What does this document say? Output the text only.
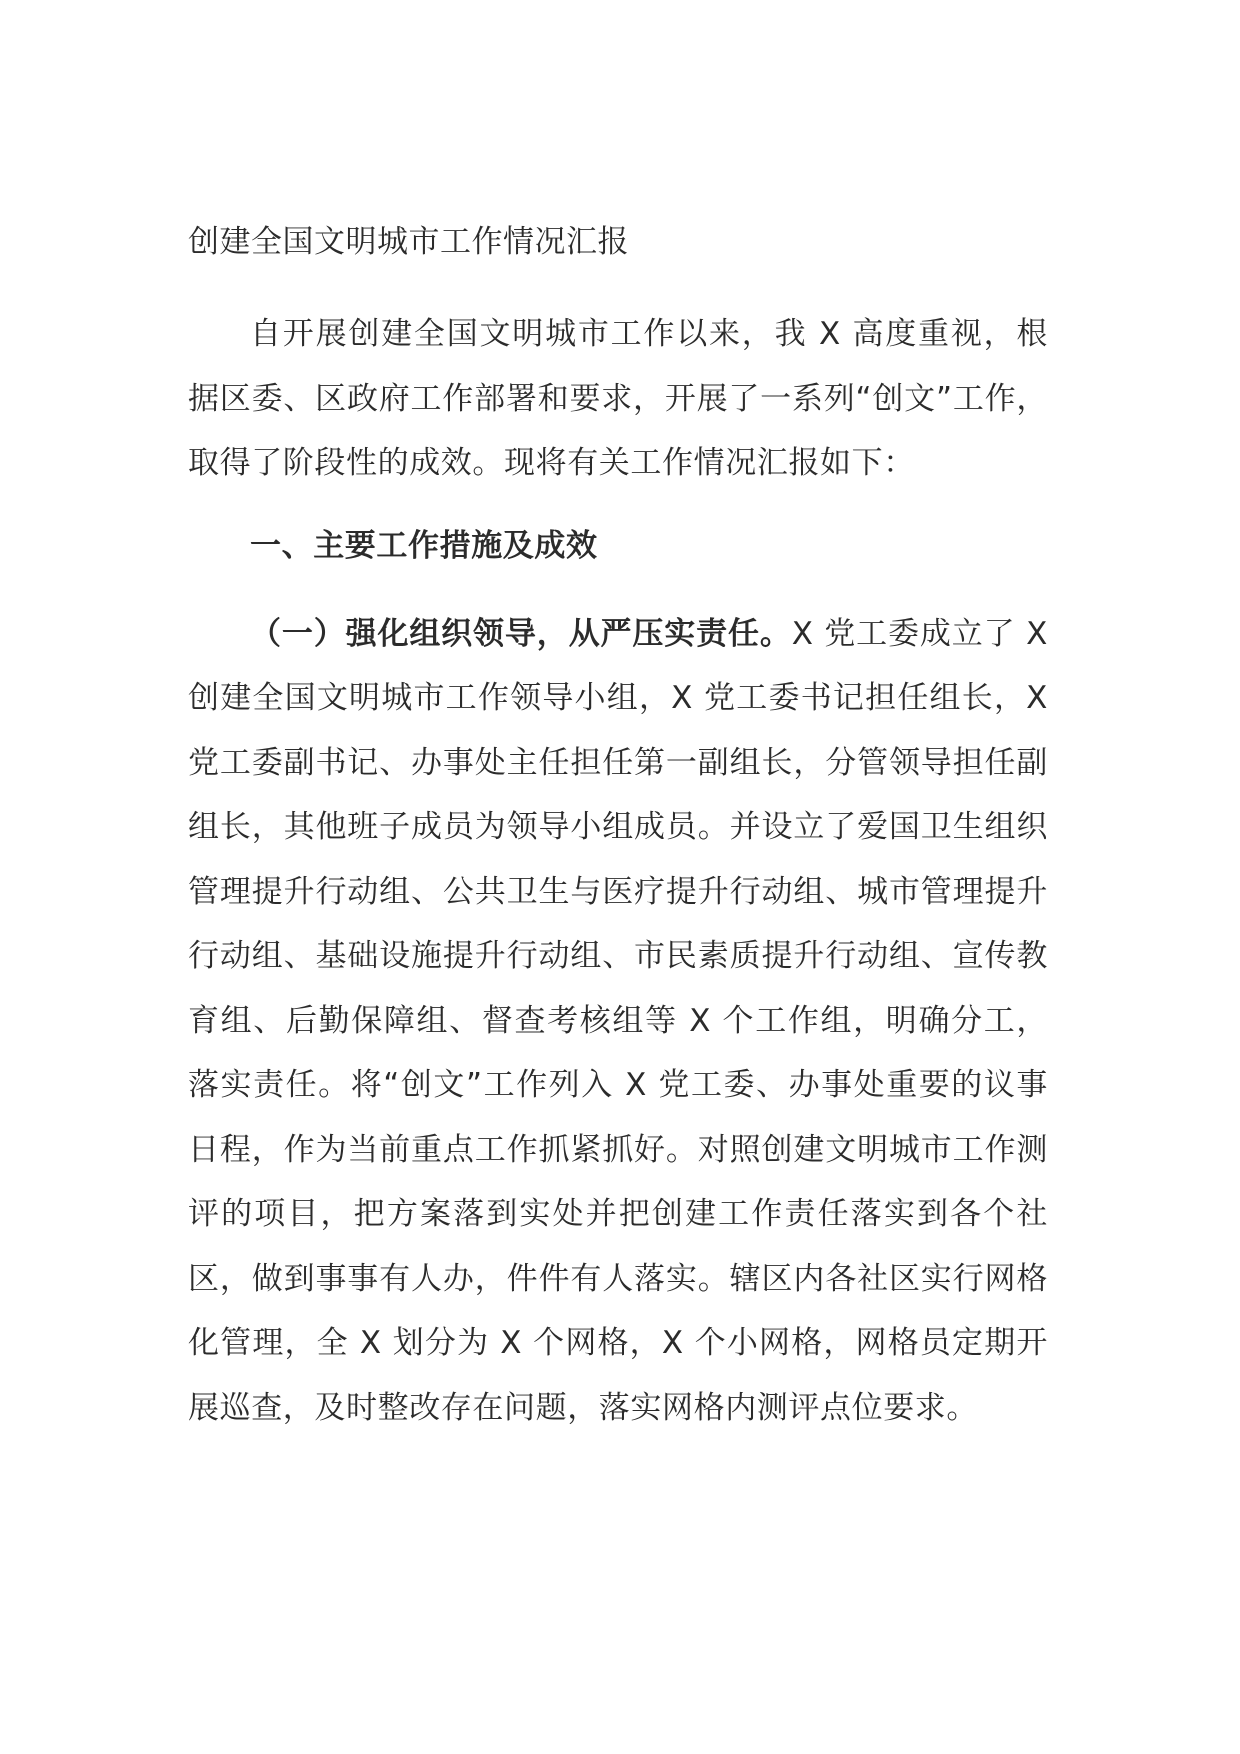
创建全国文明城市工作情况汇报

自开展创建全国文明城市工作以来，我 X 高度重视，根据区委、区政府工作部署和要求，开展了一系列“创文”工作，取得了阶段性的成效。现将有关工作情况汇报如下：

一、主要工作措施及成效

（一）强化组织领导，从严压实责任。X 党工委成立了 X 创建全国文明城市工作领导小组，X 党工委书记担任组长，X 党工委副书记、办事处主任担任第一副组长，分管领导担任副组长，其他班子成员为领导小组成员。并设立了爱国卫生组织管理提升行动组、公共卫生与医疗提升行动组、城市管理提升行动组、基础设施提升行动组、市民素质提升行动组、宣传教育组、后勤保障组、督查考核组等 X 个工作组，明确分工，落实责任。将“创文”工作列入 X 党工委、办事处重要的议事日程，作为当前重点工作抓紧抓好。对照创建文明城市工作测评的项目，把方案落到实处并把创建工作责任落实到各个社区，做到事事有人办，件件有人落实。辖区内各社区实行网格化管理，全 X 划分为 X 个网格，X 个小网格，网格员定期开展巡查，及时整改存在问题，落实网格内测评点位要求。
